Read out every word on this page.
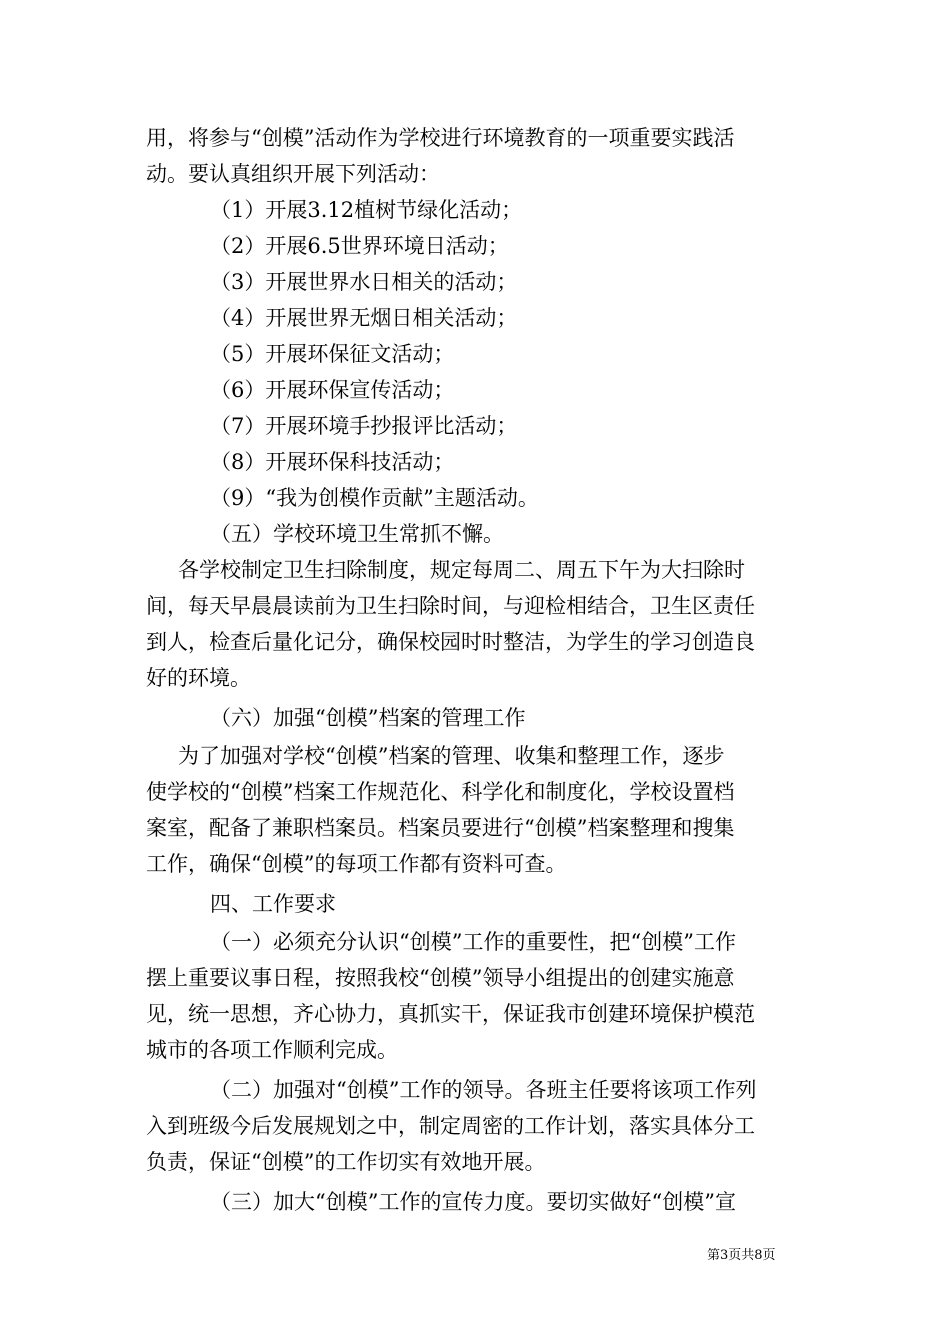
用，将参与“创模”活动作为学校进行环境教育的一项重要实践活
动。要认真组织开展下列活动：
（1）开展3.12植树节绿化活动；
（2）开展6.5世界环境日活动；
（3）开展世界水日相关的活动；
（4）开展世界无烟日相关活动；
（5）开展环保征文活动；
（6）开展环保宣传活动；
（7）开展环境手抄报评比活动；
（8）开展环保科技活动；
（9）“我为创模作贡献”主题活动。
（五）学校环境卫生常抓不懈。
各学校制定卫生扫除制度，规定每周二、周五下午为大扫除时
间，每天早晨晨读前为卫生扫除时间，与迎检相结合，卫生区责任
到人，检查后量化记分，确保校园时时整洁，为学生的学习创造良
好的环境。
（六）加强“创模”档案的管理工作
为了加强对学校“创模”档案的管理、收集和整理工作，逐步
使学校的“创模”档案工作规范化、科学化和制度化，学校设置档
案室，配备了兼职档案员。档案员要进行“创模”档案整理和搜集
工作，确保“创模”的每项工作都有资料可查。
四、工作要求
（一）必须充分认识“创模”工作的重要性，把“创模”工作
摆上重要议事日程，按照我校“创模”领导小组提出的创建实施意
见，统一思想，齐心协力，真抓实干，保证我市创建环境保护模范
城市的各项工作顺利完成。
（二）加强对“创模”工作的领导。各班主任要将该项工作列
入到班级今后发展规划之中，制定周密的工作计划，落实具体分工
负责，保证“创模”的工作切实有效地开展。
（三）加大“创模”工作的宣传力度。要切实做好“创模”宣
第3页共8页
